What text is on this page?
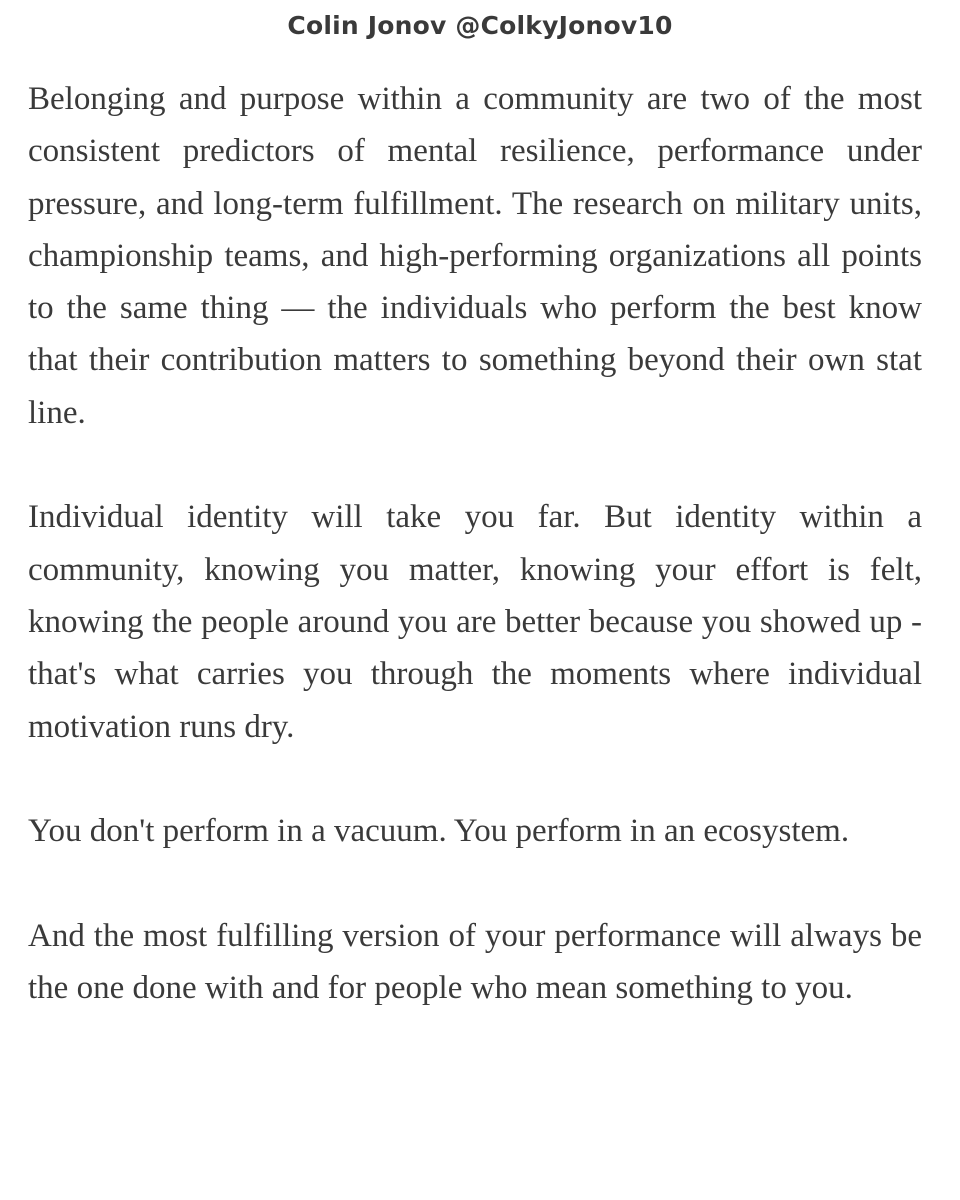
Colin Jonov @ColkyJonov10

Belonging and purpose within a community are two of the most consistent predictors of mental resilience, performance under pressure, and long-term fulfillment. The research on military units, championship teams, and high-performing organizations all points to the same thing — the individuals who perform the best know that their contribution matters to something beyond their own stat line.

Individual identity will take you far. But identity within a community, knowing you matter, knowing your effort is felt, knowing the people around you are better because you showed up - that's what carries you through the moments where individual motivation runs dry.

You don't perform in a vacuum. You perform in an ecosystem.

And the most fulfilling version of your performance will always be the one done with and for people who mean something to you.
